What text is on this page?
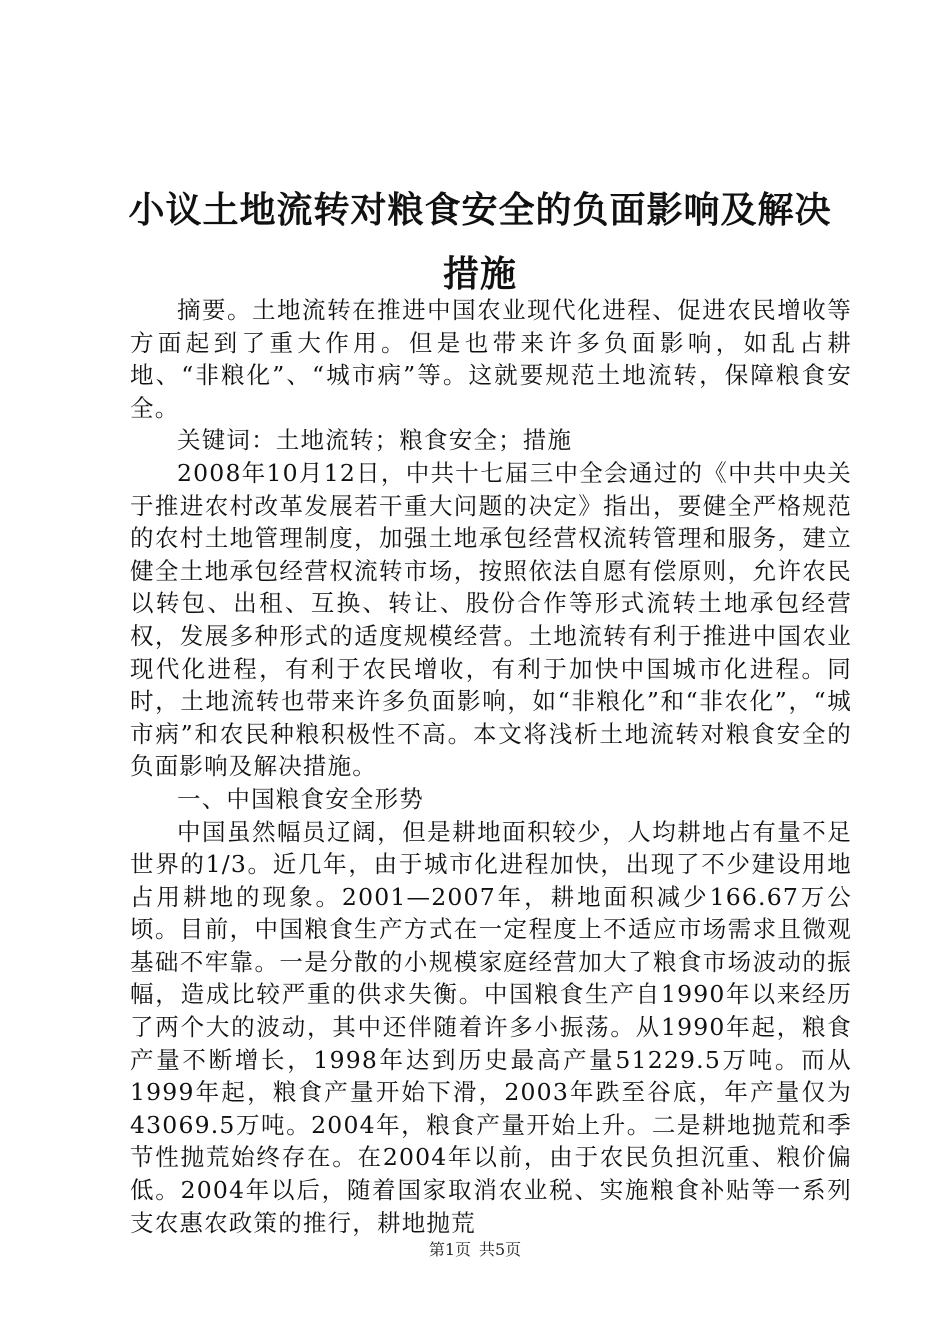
小议土地流转对粮食安全的负面影响及解决措施

摘要。土地流转在推进中国农业现代化进程、促进农民增收等方面起到了重大作用。但是也带来许多负面影响，如乱占耕地、“非粮化”、“城市病”等。这就要规范土地流转，保障粮食安全。

关键词：土地流转；粮食安全；措施

2008年10月12日，中共十七届三中全会通过的《中共中央关于推进农村改革发展若干重大问题的决定》指出，要健全严格规范的农村土地管理制度，加强土地承包经营权流转管理和服务，建立健全土地承包经营权流转市场，按照依法自愿有偿原则，允许农民以转包、出租、互换、转让、股份合作等形式流转土地承包经营权，发展多种形式的适度规模经营。土地流转有利于推进中国农业现代化进程，有利于农民增收，有利于加快中国城市化进程。同时，土地流转也带来许多负面影响，如“非粮化”和“非农化”，“城市病”和农民种粮积极性不高。本文将浅析土地流转对粮食安全的负面影响及解决措施。

一、中国粮食安全形势

中国虽然幅员辽阔，但是耕地面积较少，人均耕地占有量不足世界的1/3。近几年，由于城市化进程加快，出现了不少建设用地占用耕地的现象。2001—2007年，耕地面积减少166.67万公顷。目前，中国粮食生产方式在一定程度上不适应市场需求且微观基础不牢靠。一是分散的小规模家庭经营加大了粮食市场波动的振幅，造成比较严重的供求失衡。中国粮食生产自1990年以来经历了两个大的波动，其中还伴随着许多小振荡。从1990年起，粮食产量不断增长，1998年达到历史最高产量51229.5万吨。而从1999年起，粮食产量开始下滑，2003年跌至谷底，年产量仅为43069.5万吨。2004年，粮食产量开始上升。二是耕地抛荒和季节性抛荒始终存在。在2004年以前，由于农民负担沉重、粮价偏低。2004年以后，随着国家取消农业税、实施粮食补贴等一系列支农惠农政策的推行，耕地抛荒

第1页 共5页
